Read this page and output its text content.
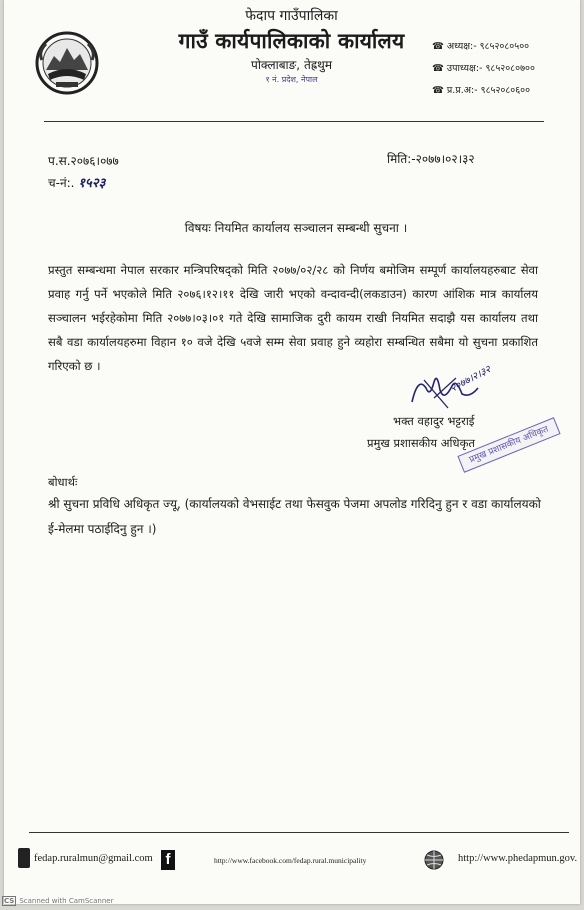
फेदाप गाउँपालिका
गाउँ कार्यपालिकाको कार्यालय
पोक्लाबाङ, तेह्रथुम
१ नं. प्रदेश, नेपाल
☎ अध्यक्ष:- ९८५२०८०५००
☎ उपाध्यक्ष:- ९८५२०८०७००
☎ प्र.प्र.अ:- ९८५२०८०६००
प.स.२०७६।०७७
च-नं:. १५२३
मिति:-२०७७।०२।३२
विषयः नियमित कार्यालय सञ्चालन सम्बन्धी सुचना ।
प्रस्तुत सम्बन्धमा नेपाल सरकार मन्त्रिपरिषद्को मिति २०७७/०२/२८ को निर्णय बमोजिम सम्पूर्ण कार्यालयहरुबाट सेवा प्रवाह गर्नु पर्ने भएकोले मिति २०७६।१२।११ देखि जारी भएको वन्दावन्दी(लकडाउन) कारण आंशिक मात्र कार्यालय सञ्चालन भईरहेकोमा मिति २०७७।०३।०१ गते देखि सामाजिक दुरी कायम राखी नियमित सदाझै यस कार्यालय तथा सबै वडा कार्यालयहरुमा विहान १० वजे देखि ५वजे सम्म सेवा प्रवाह हुने व्यहोरा सम्बन्धित सबैमा यो सुचना प्रकाशित गरिएको छ ।	२०७७।२।३२
भक्त वहादुर भट्टराई
प्रमुख प्रशासकीय अधिकृत
प्रमुख प्रशासकीय अधिकृत
बोधार्थः
श्री सुचना प्रविधि अधिकृत ज्यू, (कार्यालयको वेभसाईट तथा फेसवुक पेजमा अपलोड गरिदिनु हुन र वडा कार्यालयको ई-मेलमा पठाईदिनु हुन ।)
fedap.ruralmun@gmail.com f	http://www.facebook.com/fedap.rural.municipality	http://www.phedapmun.gov.
CS Scanned with CamScanner
